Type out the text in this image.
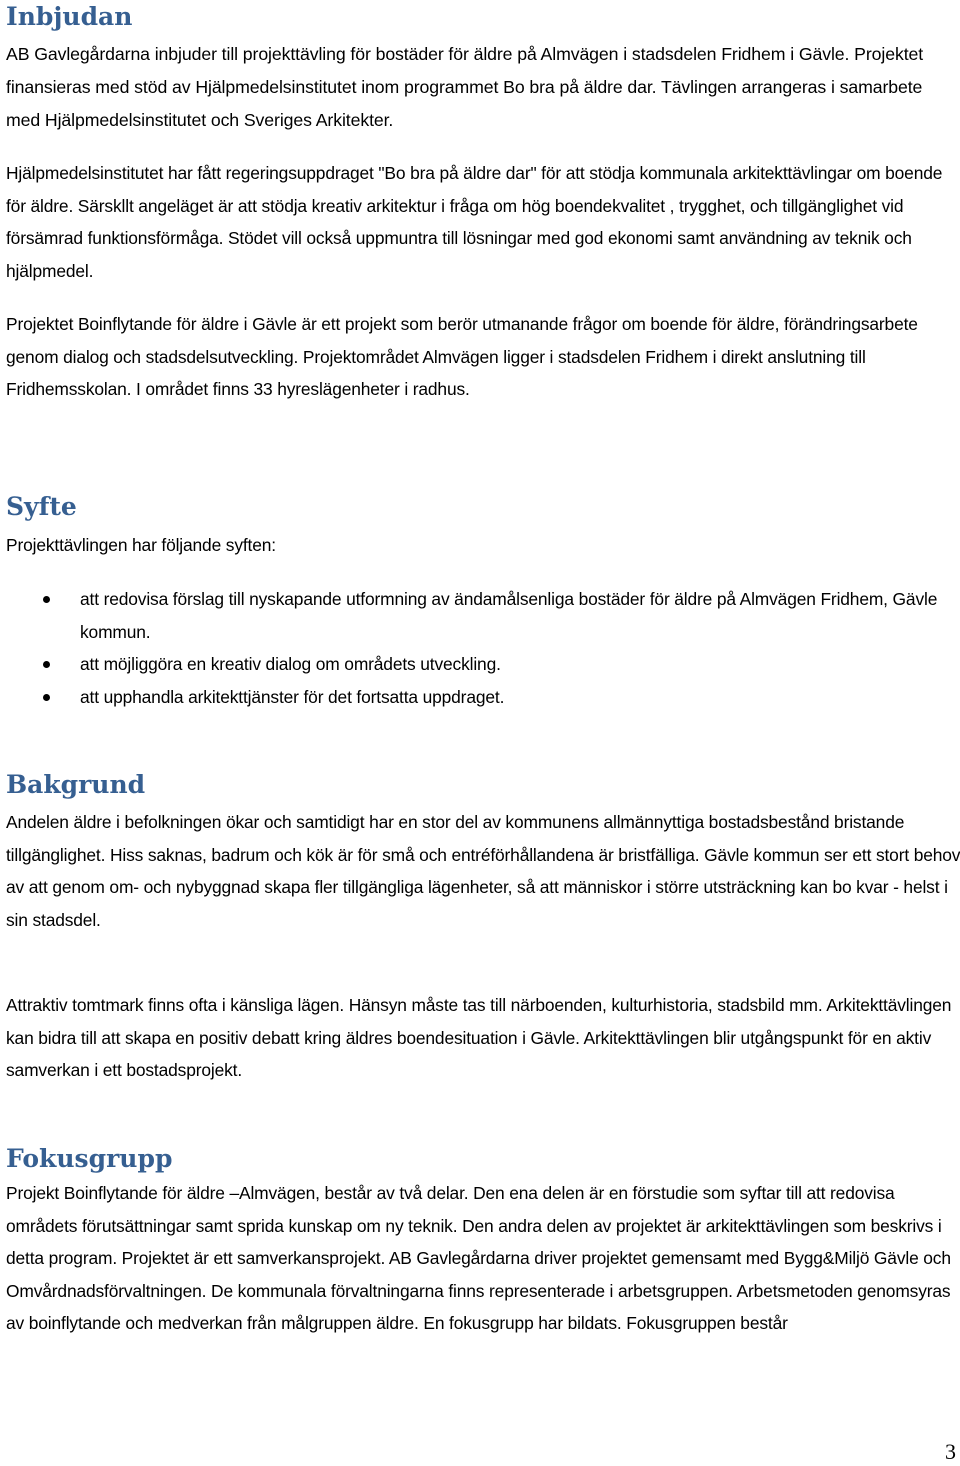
Inbjudan

AB Gavlegårdarna inbjuder till projekttävling för bostäder för äldre på Almvägen i stadsdelen Fridhem i Gävle. Projektet finansieras med stöd av Hjälpmedelsinstitutet inom programmet Bo bra på äldre dar. Tävlingen arrangeras i samarbete med Hjälpmedelsinstitutet och Sveriges Arkitekter.

Hjälpmedelsinstitutet har fått regeringsuppdraget "Bo bra på äldre dar" för att stödja kommunala arkitekttävlingar om boende för äldre. Särskllt angeläget är att stödja kreativ arkitektur i fråga om hög boendekvalitet , trygghet, och tillgänglighet vid försämrad funktionsförmåga. Stödet vill också uppmuntra till lösningar med god ekonomi samt användning av teknik och hjälpmedel.

Projektet Boinflytande för äldre i Gävle är ett projekt som berör utmanande frågor om boende för äldre, förändringsarbete genom dialog och stadsdelsutveckling. Projektområdet Almvägen ligger i stadsdelen Fridhem i direkt anslutning till Fridhemsskolan. I området finns 33 hyreslägenheter i radhus.

Syfte

Projekttävlingen har följande syften:

att redovisa förslag till nyskapande utformning av ändamålsenliga bostäder för äldre på Almvägen Fridhem, Gävle kommun.
att möjliggöra en kreativ dialog om områdets utveckling.
att upphandla arkitekttjänster för det fortsatta uppdraget.
Bakgrund

Andelen äldre i befolkningen ökar och samtidigt har en stor del av kommunens allmännyttiga bostadsbestånd bristande tillgänglighet. Hiss saknas, badrum och kök är för små och entréförhållandena är bristfälliga. Gävle kommun ser ett stort behov av att genom om- och nybyggnad skapa fler tillgängliga lägenheter, så att människor i större utsträckning kan bo kvar - helst i sin stadsdel.

Attraktiv tomtmark finns ofta i känsliga lägen. Hänsyn måste tas till närboenden, kulturhistoria, stadsbild mm. Arkitekttävlingen kan bidra till att skapa en positiv debatt kring äldres boendesituation i Gävle. Arkitekttävlingen blir utgångspunkt för en aktiv samverkan i ett bostadsprojekt.

Fokusgrupp

Projekt Boinflytande för äldre –Almvägen, består av två delar. Den ena delen är en förstudie som syftar till att redovisa områdets förutsättningar samt sprida kunskap om ny teknik. Den andra delen av projektet är arkitekttävlingen som beskrivs i detta program. Projektet är ett samverkansprojekt. AB Gavlegårdarna driver projektet gemensamt med Bygg&Miljö Gävle och Omvårdnadsförvaltningen. De kommunala förvaltningarna finns representerade i arbetsgruppen. Arbetsmetoden genomsyras av boinflytande och medverkan från målgruppen äldre. En fokusgrupp har bildats. Fokusgruppen består

3
